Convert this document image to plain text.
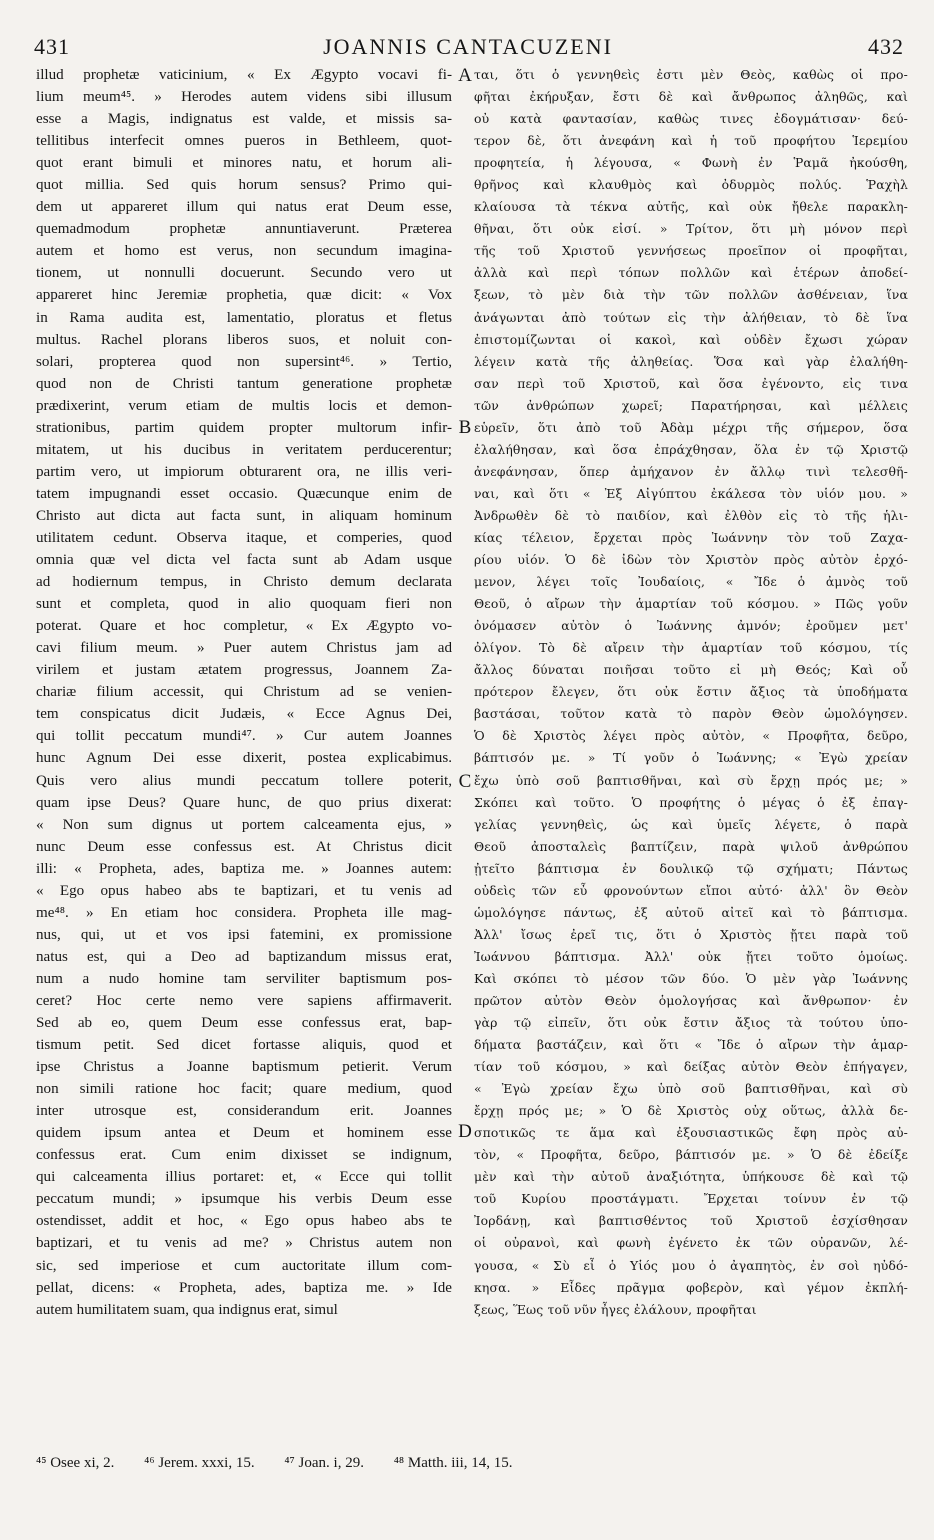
431	JOANNIS CANTACUZENI	432
illud prophetæ vaticinium, « Ex Ægypto vocavi fi-
lium meum⁴⁵. » Herodes autem videns sibi illusum
esse a Magis, indignatus est valde, et missis sa-
tellitibus interfecit omnes pueros in Bethleem, quot-
quot erant bimuli et minores natu, et horum ali-
quot millia. Sed quis horum sensus? Primo qui-
dem ut appareret illum qui natus erat Deum esse,
quemadmodum prophetæ annuntiaverunt. Præterea
autem et homo est verus, non secundum imagina-
tionem, ut nonnulli docuerunt. Secundo vero ut
appareret hinc Jeremiæ prophetia, quæ dicit: « Vox
in Rama audita est, lamentatio, ploratus et fletus
multus. Rachel plorans liberos suos, et noluit con-
solari, propterea quod non supersint⁴⁶. » Tertio,
quod non de Christi tantum generatione prophetæ
prædixerint, verum etiam de multis locis et demon-
strationibus, partim quidem propter multorum infir-
mitatem, ut his ducibus in veritatem perducerentur;
partim vero, ut impiorum obturarent ora, ne illis veri-
tatem impugnandi esset occasio. Quæcunque enim de
Christo aut dicta aut facta sunt, in aliquam hominum
utilitatem cedunt. Observa itaque, et comperies, quod
omnia quæ vel dicta vel facta sunt ab Adam usque
ad hodiernum tempus, in Christo demum declarata
sunt et completa, quod in alio quoquam fieri non
poterat. Quare et hoc completur, « Ex Ægypto vo-
cavi filium meum. » Puer autem Christus jam ad
virilem et justam ætatem progressus, Joannem Za-
chariæ filium accessit, qui Christum ad se venien-
tem conspicatus dicit Judæis, « Ecce Agnus Dei,
qui tollit peccatum mundi⁴⁷. » Cur autem Joannes
hunc Agnum Dei esse dixerit, postea explicabimus.
Quis vero alius mundi peccatum tollere poterit,
quam ipse Deus? Quare hunc, de quo prius dixerat:
« Non sum dignus ut portem calceamenta ejus, »
nunc Deum esse confessus est. At Christus dicit
illi: « Propheta, ades, baptiza me. » Joannes autem:
« Ego opus habeo abs te baptizari, et tu venis ad
me⁴⁸. » En etiam hoc considera. Propheta ille mag-
nus, qui, ut et vos ipsi fatemini, ex promissione
natus est, qui a Deo ad baptizandum missus erat,
num a nudo homine tam serviliter baptismum pos-
ceret? Hoc certe nemo vere sapiens affirmaverit.
Sed ab eo, quem Deum esse confessus erat, bap-
tismum petit. Sed dicet fortasse aliquis, quod et
ipse Christus a Joanne baptismum petierit. Verum
non simili ratione hoc facit; quare medium, quod
inter utrosque est, considerandum erit. Joannes
quidem ipsum antea et Deum et hominem esse
confessus erat. Cum enim dixisset se indignum,
qui calceamenta illius portaret: et, « Ecce qui tollit
peccatum mundi; » ipsumque his verbis Deum esse
ostendisset, addit et hoc, « Ego opus habeo abs te
baptizari, et tu venis ad me? » Christus autem non
sic, sed imperiose et cum auctoritate illum com-
pellat, dicens: « Propheta, ades, baptiza me. » Ide
autem humilitatem suam, qua indignus erat, simul
A
B
C
D
ται, ὅτι ὁ γεννηθεὶς ἐστι μὲν Θεὸς, καθὼς οἱ προ-
φῆται ἐκήρυξαν, ἔστι δὲ καὶ ἄνθρωπος ἀληθῶς, καὶ
οὐ κατὰ φαντασίαν, καθὼς τινες ἐδογμάτισαν· δεύ-
τερον δὲ, ὅτι ἀνεφάνη καὶ ἡ τοῦ προφήτου Ἱερεμίου
προφητεία, ἡ λέγουσα, « Φωνὴ ἐν Ῥαμᾶ ἠκούσθη,
θρῆνος καὶ κλαυθμὸς καὶ ὀδυρμὸς πολύς. Ῥαχὴλ
κλαίουσα τὰ τέκνα αὐτῆς, καὶ οὐκ ἤθελε παρακλη-
θῆναι, ὅτι οὐκ εἰσί. » Τρίτον, ὅτι μὴ μόνον περὶ
τῆς τοῦ Χριστοῦ γεννήσεως προεῖπον οἱ προφῆται,
ἀλλὰ καὶ περὶ τόπων πολλῶν καὶ ἑτέρων ἀποδεί-
ξεων, τὸ μὲν διὰ τὴν τῶν πολλῶν ἀσθένειαν, ἵνα
ἀνάγωνται ἀπὸ τούτων εἰς τὴν ἀλήθειαν, τὸ δὲ ἵνα
ἐπιστομίζωνται οἱ κακοὶ, καὶ οὐδὲν ἔχωσι χώραν
λέγειν κατὰ τῆς ἀληθείας. Ὅσα καὶ γὰρ ἐλαλήθη-
σαν περὶ τοῦ Χριστοῦ, καὶ ὅσα ἐγένοντο, εἰς τινα
τῶν ἀνθρώπων χωρεῖ; Παρατήρησαι, καὶ μέλλεις
εὑρεῖν, ὅτι ἀπὸ τοῦ Ἀδὰμ μέχρι τῆς σήμερον, ὅσα
ἐλαλήθησαν, καὶ ὅσα ἐπράχθησαν, ὅλα ἐν τῷ Χριστῷ
ἀνεφάνησαν, ὅπερ ἀμήχανον ἐν ἄλλῳ τινὶ τελεσθῆ-
ναι, καὶ ὅτι « Ἐξ Αἰγύπτου ἐκάλεσα τὸν υἱόν μου. »
Ἀνδρωθὲν δὲ τὸ παιδίον, καὶ ἐλθὸν εἰς τὸ τῆς ἡλι-
κίας τέλειον, ἔρχεται πρὸς Ἰωάννην τὸν τοῦ Ζαχα-
ρίου υἱόν. Ὁ δὲ ἰδὼν τὸν Χριστὸν πρὸς αὐτὸν ἐρχό-
μενον, λέγει τοῖς Ἰουδαίοις, « Ἴδε ὁ ἀμνὸς τοῦ
Θεοῦ, ὁ αἴρων τὴν ἁμαρτίαν τοῦ κόσμου. » Πῶς γοῦν
ὀνόμασεν αὐτὸν ὁ Ἰωάννης ἀμνόν; ἐροῦμεν μετ'
ὀλίγον. Τὸ δὲ αἴρειν τὴν ἁμαρτίαν τοῦ κόσμου, τίς
ἄλλος δύναται ποιῆσαι τοῦτο εἰ μὴ Θεός; Καὶ οὗ
πρότερον ἔλεγεν, ὅτι οὐκ ἔστιν ἄξιος τὰ ὑποδήματα
βαστάσαι, τοῦτον κατὰ τὸ παρὸν Θεὸν ὡμολόγησεν.
Ὁ δὲ Χριστὸς λέγει πρὸς αὐτὸν, « Προφῆτα, δεῦρο,
βάπτισόν με. » Τί γοῦν ὁ Ἰωάννης; « Ἐγὼ χρείαν
ἔχω ὑπὸ σοῦ βαπτισθῆναι, καὶ σὺ ἔρχῃ πρός με; »
Σκόπει καὶ τοῦτο. Ὁ προφήτης ὁ μέγας ὁ ἐξ ἐπαγ-
γελίας γεννηθεὶς, ὡς καὶ ὑμεῖς λέγετε, ὁ παρὰ
Θεοῦ ἀποσταλεὶς βαπτίζειν, παρὰ ψιλοῦ ἀνθρώπου
ᾐτεῖτο βάπτισμα ἐν δουλικῷ τῷ σχήματι; Πάντως
οὐδεὶς τῶν εὖ φρονούντων εἴποι αὐτό· ἀλλ' ὃν Θεὸν
ὡμολόγησε πάντως, ἐξ αὐτοῦ αἰτεῖ καὶ τὸ βάπτισμα.
Ἀλλ' ἴσως ἐρεῖ τις, ὅτι ὁ Χριστὸς ᾔτει παρὰ τοῦ
Ἰωάννου βάπτισμα. Ἀλλ' οὐκ ᾔτει τοῦτο ὁμοίως.
Καὶ σκόπει τὸ μέσον τῶν δύο. Ὁ μὲν γὰρ Ἰωάννης
πρῶτον αὐτὸν Θεὸν ὁμολογήσας καὶ ἄνθρωπον· ἐν
γὰρ τῷ εἰπεῖν, ὅτι οὐκ ἔστιν ἄξιος τὰ τούτου ὑπο-
δήματα βαστάζειν, καὶ ὅτι « Ἴδε ὁ αἴρων τὴν ἁμαρ-
τίαν τοῦ κόσμου, » καὶ δείξας αὐτὸν Θεὸν ἐπήγαγεν,
« Ἐγὼ χρείαν ἔχω ὑπὸ σοῦ βαπτισθῆναι, καὶ σὺ
ἔρχῃ πρός με; » Ὁ δὲ Χριστὸς οὐχ οὕτως, ἀλλὰ δε-
σποτικῶς τε ἅμα καὶ ἐξουσιαστικῶς ἔφη πρὸς αὐ-
τὸν, « Προφῆτα, δεῦρο, βάπτισόν με. » Ὁ δὲ ἐδείξε
μὲν καὶ τὴν αὐτοῦ ἀναξιότητα, ὑπήκουσε δὲ καὶ τῷ
τοῦ Κυρίου προστάγματι. Ἔρχεται τοίνυν ἐν τῷ
Ἰορδάνῃ, καὶ βαπτισθέντος τοῦ Χριστοῦ ἐσχίσθησαν
οἱ οὐρανοὶ, καὶ φωνὴ ἐγένετο ἐκ τῶν οὐρανῶν, λέ-
γουσα, « Σὺ εἶ ὁ Υἱός μου ὁ ἀγαπητὸς, ἐν σοὶ ηὐδό-
κησα. » Εἶδες πρᾶγμα φοβερὸν, καὶ γέμον ἐκπλή-
ξεως, Ἕως τοῦ νῦν ἦγες ἐλάλουν, προφῆται
⁴⁵ Osee xi, 2. ⁴⁶ Jerem. xxxi, 15. ⁴⁷ Joan. i, 29. ⁴⁸ Matth. iii, 14, 15.
